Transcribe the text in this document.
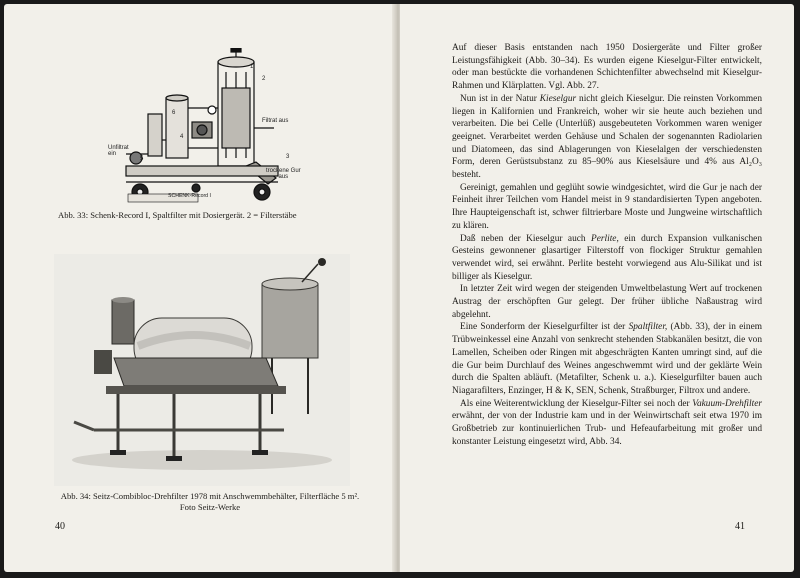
SCHENK-Record I
Filtrat aus
Unfiltrat
ein
trockene Gur
aus
1
2
3
4
5
6
Abb. 33: Schenk-Record I, Spaltfilter mit Dosiergerät. 2 = Filterstäbe
Abb. 34: Seitz-Combibloc-Drehfilter 1978 mit Anschwemmbehälter, Filterfläche 5 m².
Foto Seitz-Werke
40

Auf dieser Basis entstanden nach 1950 Dosiergeräte und Filter großer Leistungsfähigkeit (Abb. 30–34). Es wurden eigene Kieselgur-Filter entwickelt, oder man bestückte die vorhandenen Schichtenfilter abwechselnd mit Kieselgur-Rahmen und Klärplatten. Vgl. Abb. 27.

Nun ist in der Natur Kieselgur nicht gleich Kieselgur. Die reinsten Vorkommen liegen in Kalifornien und Frankreich, woher wir sie heute auch beziehen und verarbeiten. Die bei Celle (Unterlüß) ausgebeuteten Vorkommen waren weniger geeignet. Verarbeitet werden Gehäuse und Schalen der sogenannten Radiolarien und Diatomeen, das sind Ablagerungen von Kieselalgen der verschiedensten Form, deren Gerüstsubstanz zu 85–90% aus Kieselsäure und 4% aus Al₂O₃ besteht.

Gereinigt, gemahlen und geglüht sowie windgesichtet, wird die Gur je nach der Feinheit ihrer Teilchen vom Handel meist in 9 standardisierten Typen angeboten. Ihre Haupteigenschaft ist, schwer filtrierbare Moste und Jungweine wirtschaftlich zu klären.

Daß neben der Kieselgur auch Perlite, ein durch Expansion vulkanischen Gesteins gewonnener glasartiger Filterstoff von flockiger Struktur gemahlen verwendet wird, sei erwähnt. Perlite besteht vorwiegend aus Alu-Silikat und ist billiger als Kieselgur.

In letzter Zeit wird wegen der steigenden Umweltbelastung Wert auf trockenen Austrag der erschöpften Gur gelegt. Der früher übliche Naßaustrag wird abgelehnt.

Eine Sonderform der Kieselgurfilter ist der Spaltfilter, (Abb. 33), der in einem Trübweinkessel eine Anzahl von senkrecht stehenden Stabkanälen besitzt, die von Lamellen, Scheiben oder Ringen mit abgeschrägten Kanten umringt sind, auf die die Gur beim Durchlauf des Weines angeschwemmt wird und der geklärte Wein durch die Spalten abläuft. (Metafilter, Schenk u. a.). Kieselgurfilter bauen auch Niagarafilters, Enzinger, H & K, SEN, Schenk, Straßburger, Filtrox und andere.

Als eine Weiterentwicklung der Kieselgur-Filter sei noch der Vakuum-Drehfilter erwähnt, der von der Industrie kam und in der Weinwirtschaft seit etwa 1970 im Großbetrieb zur kontinuierlichen Trub- und Hefeaufarbeitung mit großer und konstanter Leistung eingesetzt wird, Abb. 34.

41
